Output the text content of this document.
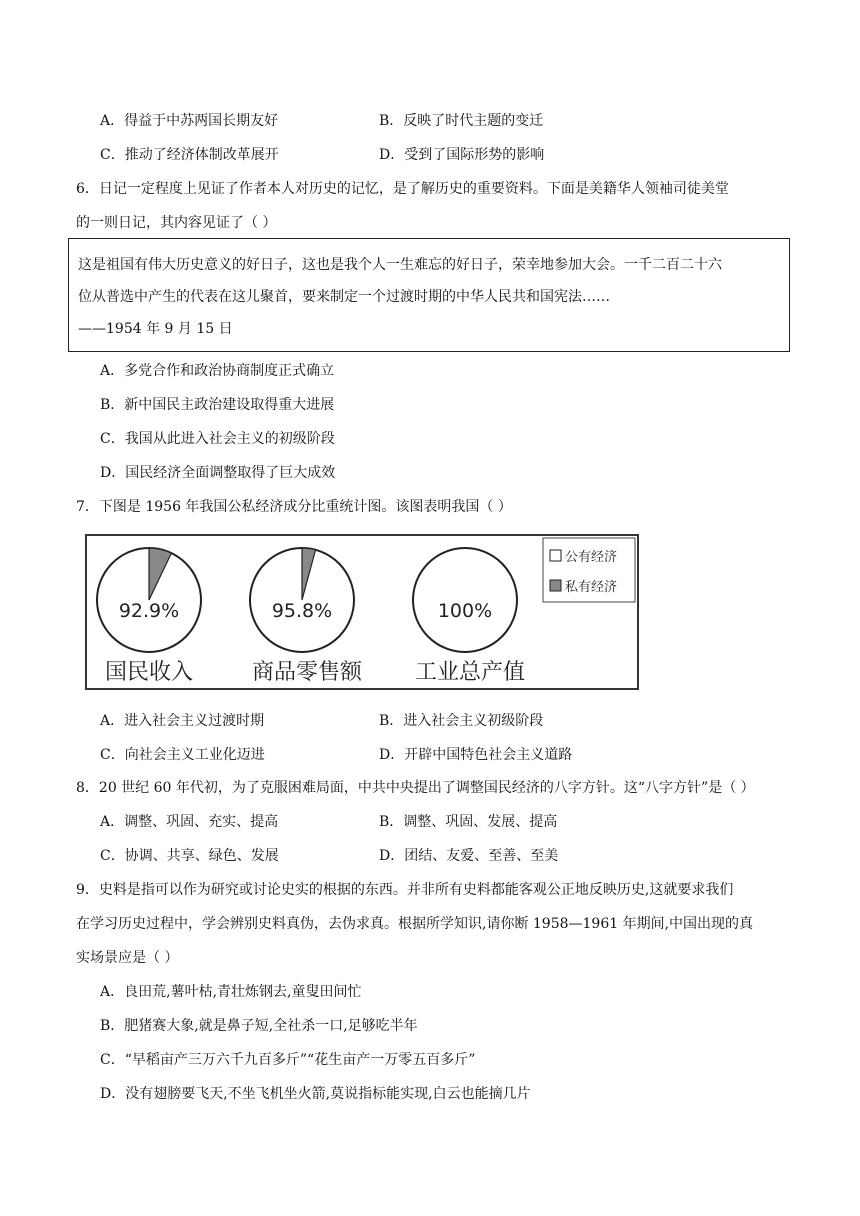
A．得益于中苏两国长期友好	B．反映了时代主题的变迁
C．推动了经济体制改革展开	D．受到了国际形势的影响
6．日记一定程度上见证了作者本人对历史的记忆，是了解历史的重要资料。下面是美籍华人领袖司徒美堂
的一则日记，其内容见证了（ ）
这是祖国有伟大历史意义的好日子，这也是我个人一生难忘的好日子，荣幸地参加大会。一千二百二十六
位从普选中产生的代表在这儿聚首，要来制定一个过渡时期的中华人民共和国宪法……
——1954 年 9 月 15 日
A．多党合作和政治协商制度正式确立
B．新中国民主政治建设取得重大进展
C．我国从此进入社会主义的初级阶段
D．国民经济全面调整取得了巨大成效
7．下图是 1956 年我国公私经济成分比重统计图。该图表明我国（ ）
92.9%
国民收入
95.8%
商品零售额
100%
工业总产值
公有经济
私有经济
A．进入社会主义过渡时期	B．进入社会主义初级阶段
C．向社会主义工业化迈进	D．开辟中国特色社会主义道路
8．20 世纪 60 年代初，为了克服困难局面，中共中央提出了调整国民经济的八字方针。这“八字方针”是（ ）
A．调整、巩固、充实、提高	B．调整、巩固、发展、提高
C．协调、共享、绿色、发展	D．团结、友爱、至善、至美
9．史料是指可以作为研究或讨论史实的根据的东西。并非所有史料都能客观公正地反映历史,这就要求我们
在学习历史过程中，学会辨别史料真伪，去伪求真。根据所学知识,请你断 1958—1961 年期间,中国出现的真
实场景应是（ ）
A．良田荒,薯叶枯,青壮炼钢去,童叟田间忙
B．肥猪赛大象,就是鼻子短,全社杀一口,足够吃半年
C．“早稻亩产三万六千九百多斤”“花生亩产一万零五百多斤”
D．没有翅膀要飞天,不坐飞机坐火箭,莫说指标能实现,白云也能摘几片
